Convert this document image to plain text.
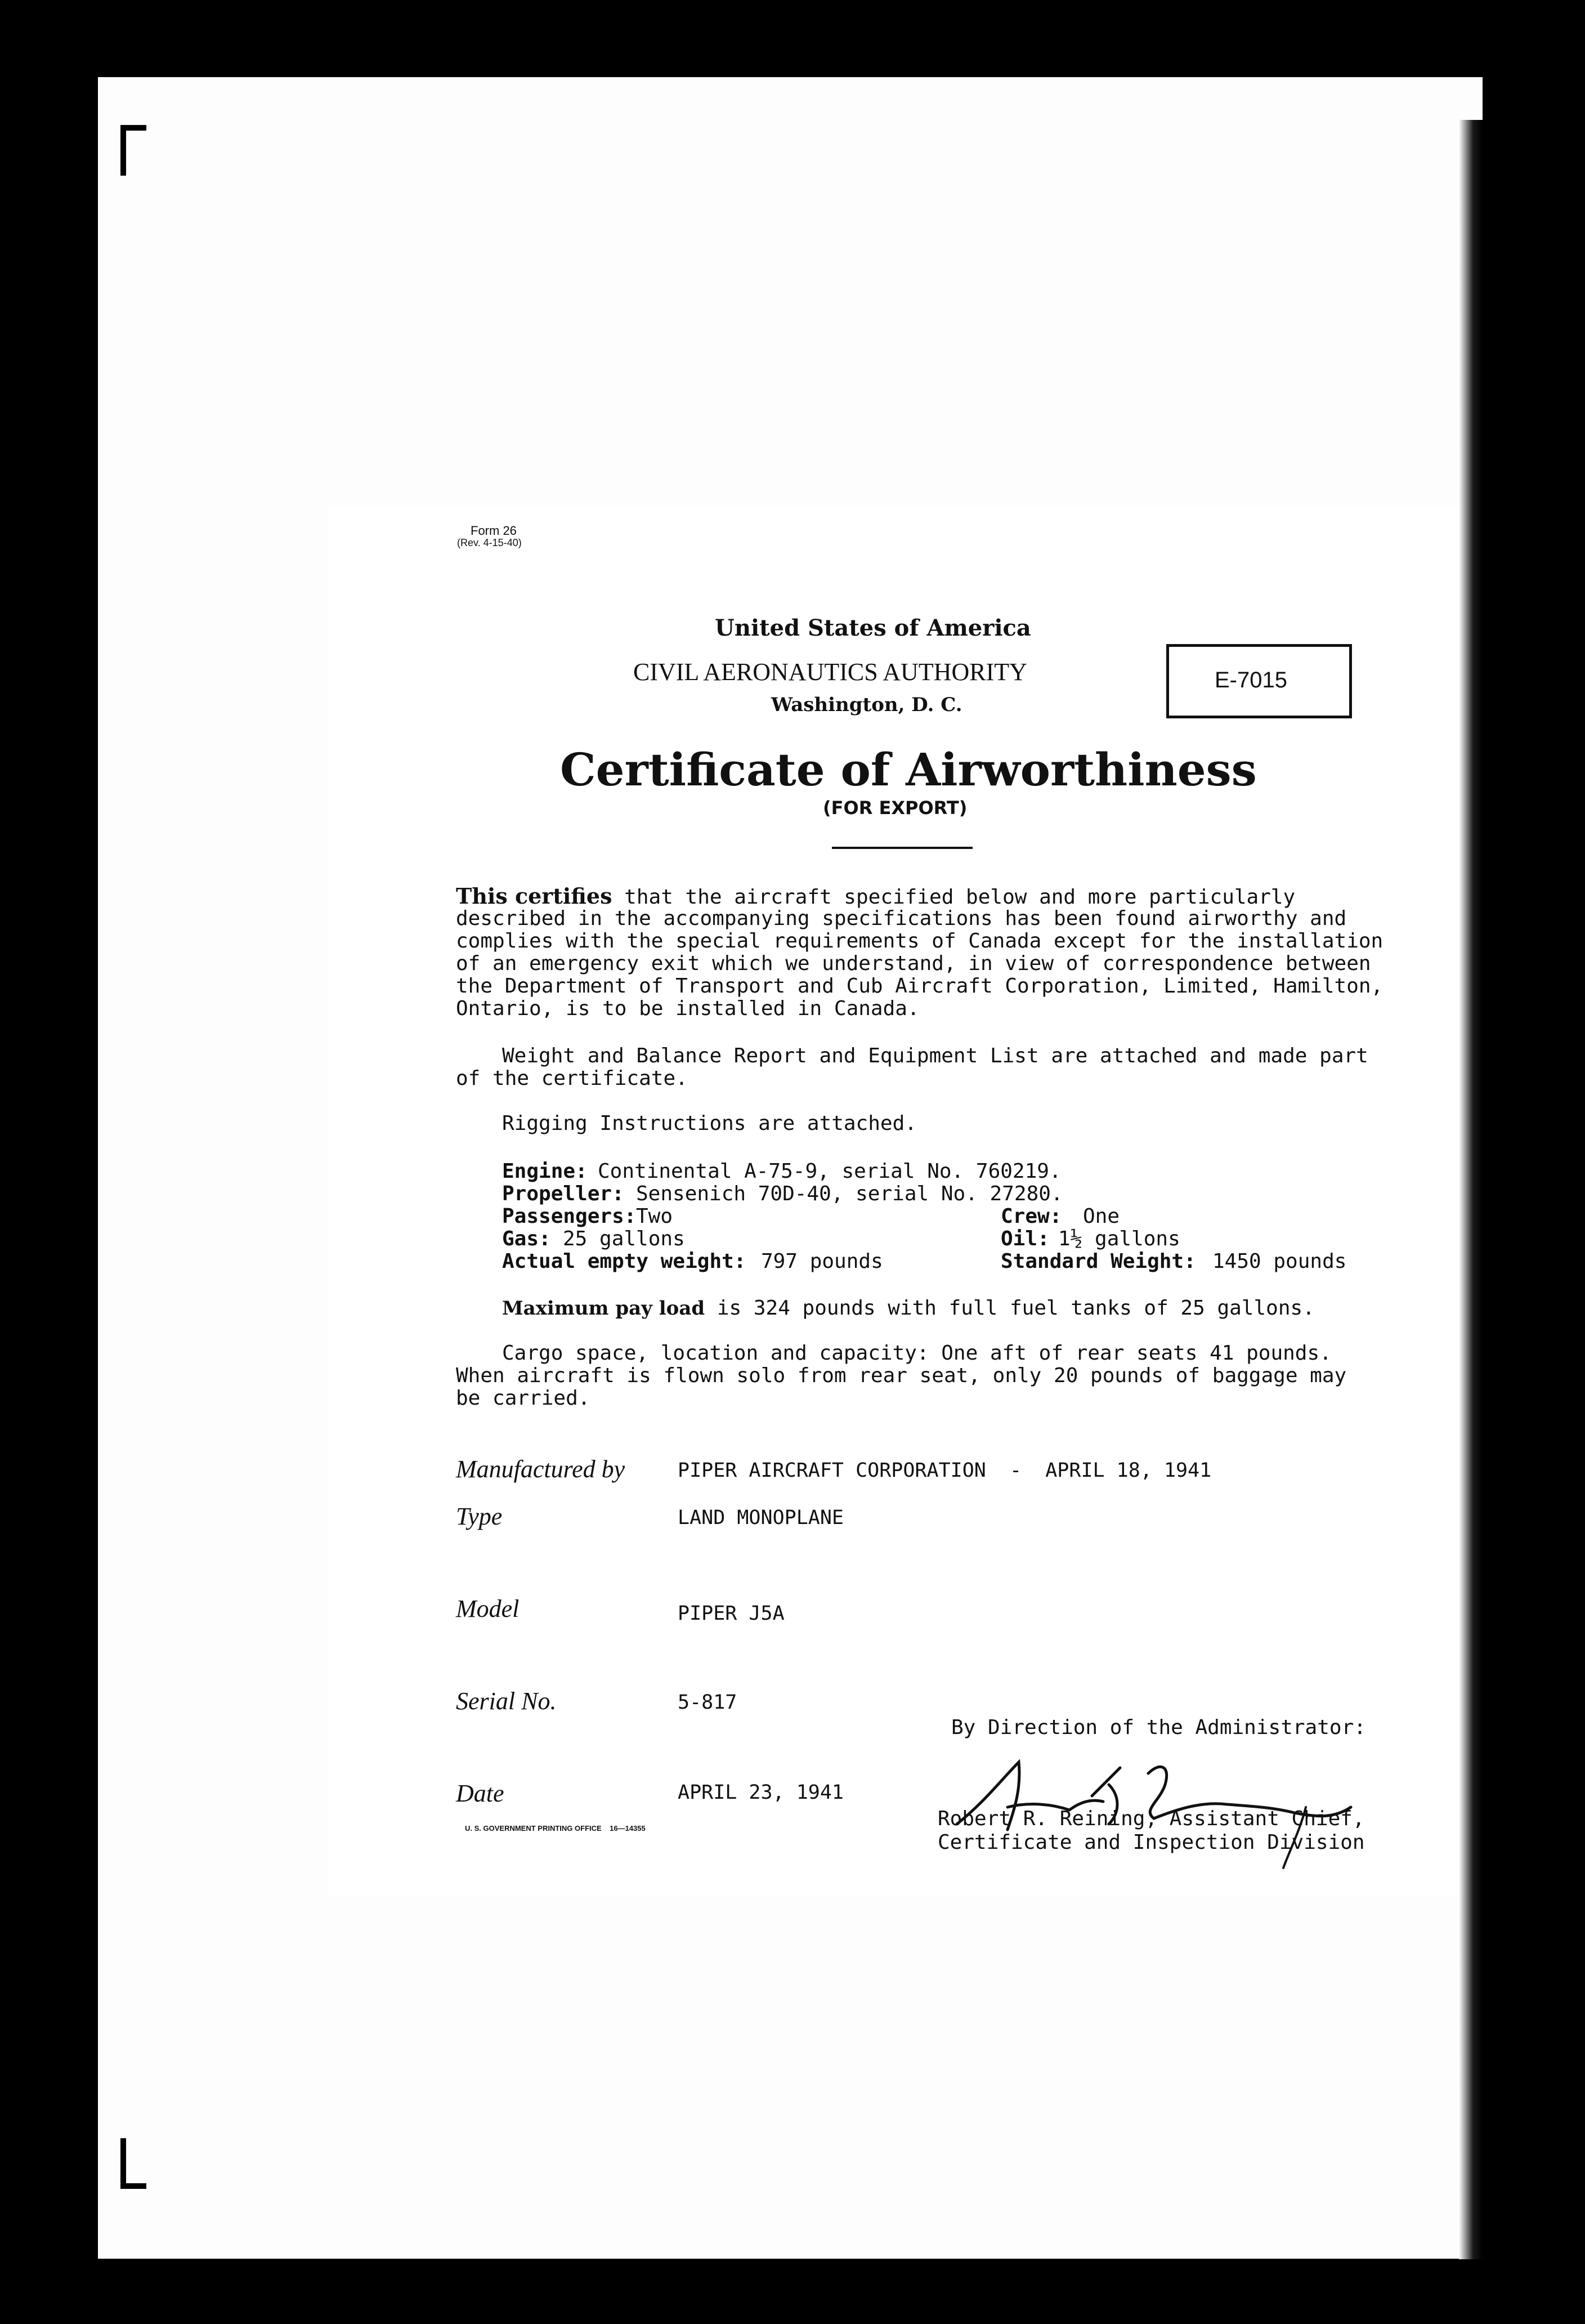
Form 26
(Rev. 4-15-40)
United States of America
CIVIL AERONAUTICS AUTHORITY
Washington, D. C.
E-7015
Certificate of Airworthiness
(FOR EXPORT)
This certifies that the aircraft specified below and more particularly
described in the accompanying specifications has been found airworthy and
complies with the special requirements of Canada except for the installation
of an emergency exit which we understand, in view of correspondence between
the Department of Transport and Cub Aircraft Corporation, Limited, Hamilton,
Ontario, is to be installed in Canada.
Weight and Balance Report and Equipment List are attached and made part
of the certificate.
Rigging Instructions are attached.
Engine: Continental A-75-9, serial No. 760219.
Propeller: Sensenich 70D-40, serial No. 27280.
Passengers: Two	Crew: One
Gas: 25 gallons	Oil: 1½ gallons
Actual empty weight: 797 pounds	Standard Weight: 1450 pounds
Maximum pay load is 324 pounds with full fuel tanks of 25 gallons.
Cargo space, location and capacity: One aft of rear seats 41 pounds.
When aircraft is flown solo from rear seat, only 20 pounds of baggage may
be carried.
Manufactured by	PIPER AIRCRAFT CORPORATION  -  APRIL 18, 1941
Type	LAND MONOPLANE
Model	PIPER J5A
Serial No.	5-817
Date	APRIL 23, 1941
By Direction of the Administrator:
Robert R. Reining, Assistant Chief,
Certificate and Inspection Division
U. S. GOVERNMENT PRINTING OFFICE    16—14355
